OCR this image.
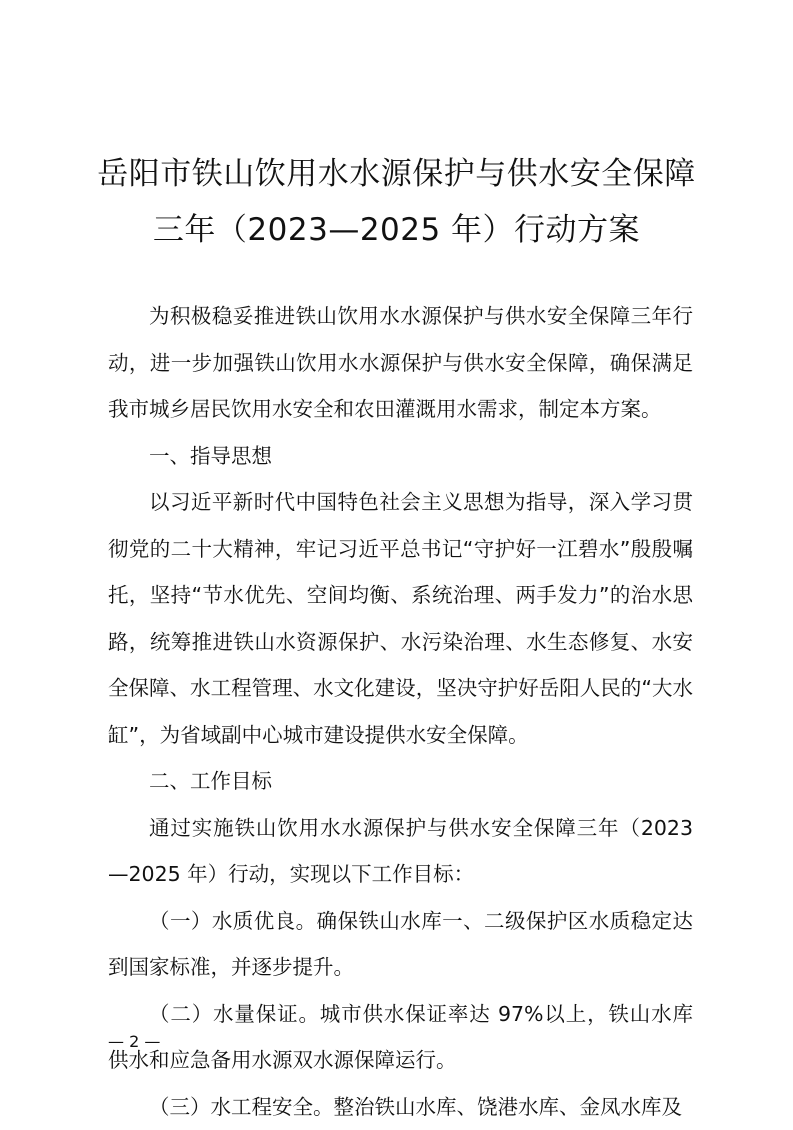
岳阳市铁山饮用水水源保护与供水安全保障
三年（2023—2025 年）行动方案

为积极稳妥推进铁山饮用水水源保护与供水安全保障三年行动，进一步加强铁山饮用水水源保护与供水安全保障，确保满足我市城乡居民饮用水安全和农田灌溉用水需求，制定本方案。

一、指导思想

以习近平新时代中国特色社会主义思想为指导，深入学习贯彻党的二十大精神，牢记习近平总书记“守护好一江碧水”殷殷嘱托，坚持“节水优先、空间均衡、系统治理、两手发力”的治水思路，统筹推进铁山水资源保护、水污染治理、水生态修复、水安全保障、水工程管理、水文化建设，坚决守护好岳阳人民的“大水缸”，为省域副中心城市建设提供水安全保障。

二、工作目标

通过实施铁山饮用水水源保护与供水安全保障三年（2023—2025 年）行动，实现以下工作目标：

（一）水质优良。确保铁山水库一、二级保护区水质稳定达到国家标准，并逐步提升。

（二）水量保证。城市供水保证率达 97%以上，铁山水库供水和应急备用水源双水源保障运行。

（三）水工程安全。整治铁山水库、饶港水库、金凤水库及

— 2 —
